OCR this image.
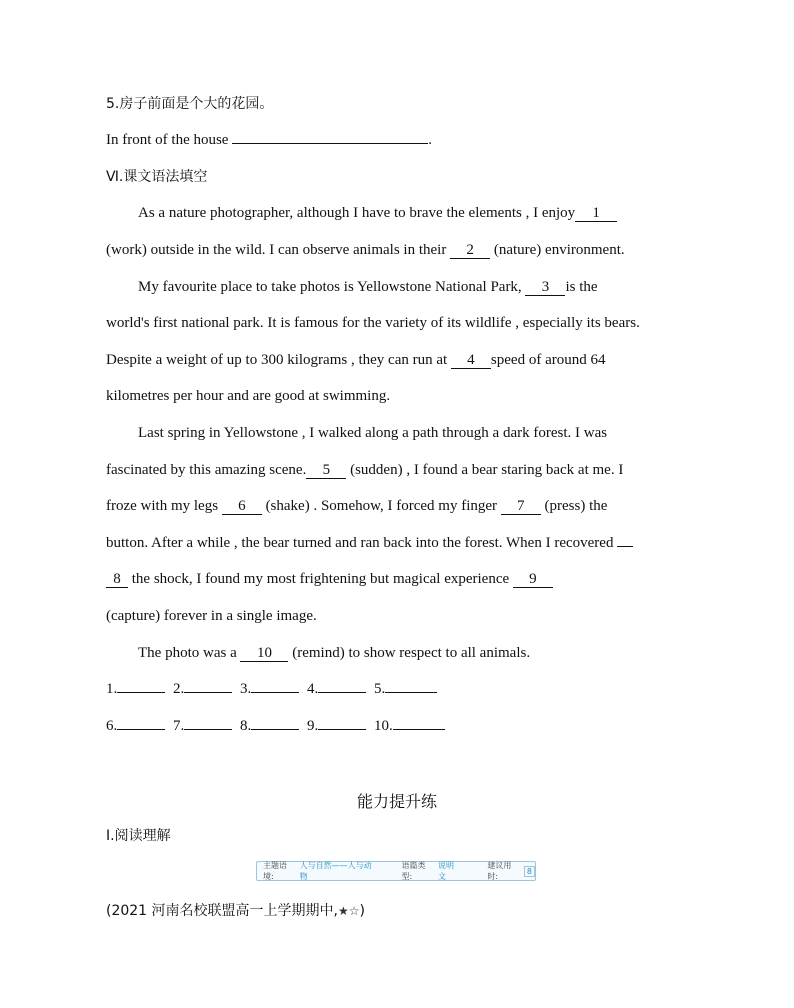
5.房子前面是个大的花园。
In front of the house	.
Ⅵ.课文语法填空
As a nature photographer, although I have to brave the elements , I enjoy 1
(work) outside in the wild. I can observe animals in their 2 (nature) environment.
My favourite place to take photos is Yellowstone National Park, 3 is the
world's first national park. It is famous for the variety of its wildlife , especially its bears.
Despite a weight of up to 300 kilograms , they can run at 4 speed of around 64
kilometres per hour and are good at swimming.
Last spring in Yellowstone , I walked along a path through a dark forest. I was
fascinated by this amazing scene. 5 (sudden) , I found a bear staring back at me. I
froze with my legs 6 (shake) . Somehow, I forced my finger 7 (press) the
button. After a while , the bear turned and ran back into the forest. When I recovered
8 the shock, I found my most frightening but magical experience 9
(capture) forever in a single image.
The photo was a 10 (remind) to show respect to all animals.
1.	2.	3.	4.	5.
6.	7.	8.	9.	10.
能力提升练
Ⅰ.阅读理解
主题语境:
人与自然——人与动物
语篇类型:
说明文
建议用时:
8
(2021 河南名校联盟高一上学期期中,★☆)
